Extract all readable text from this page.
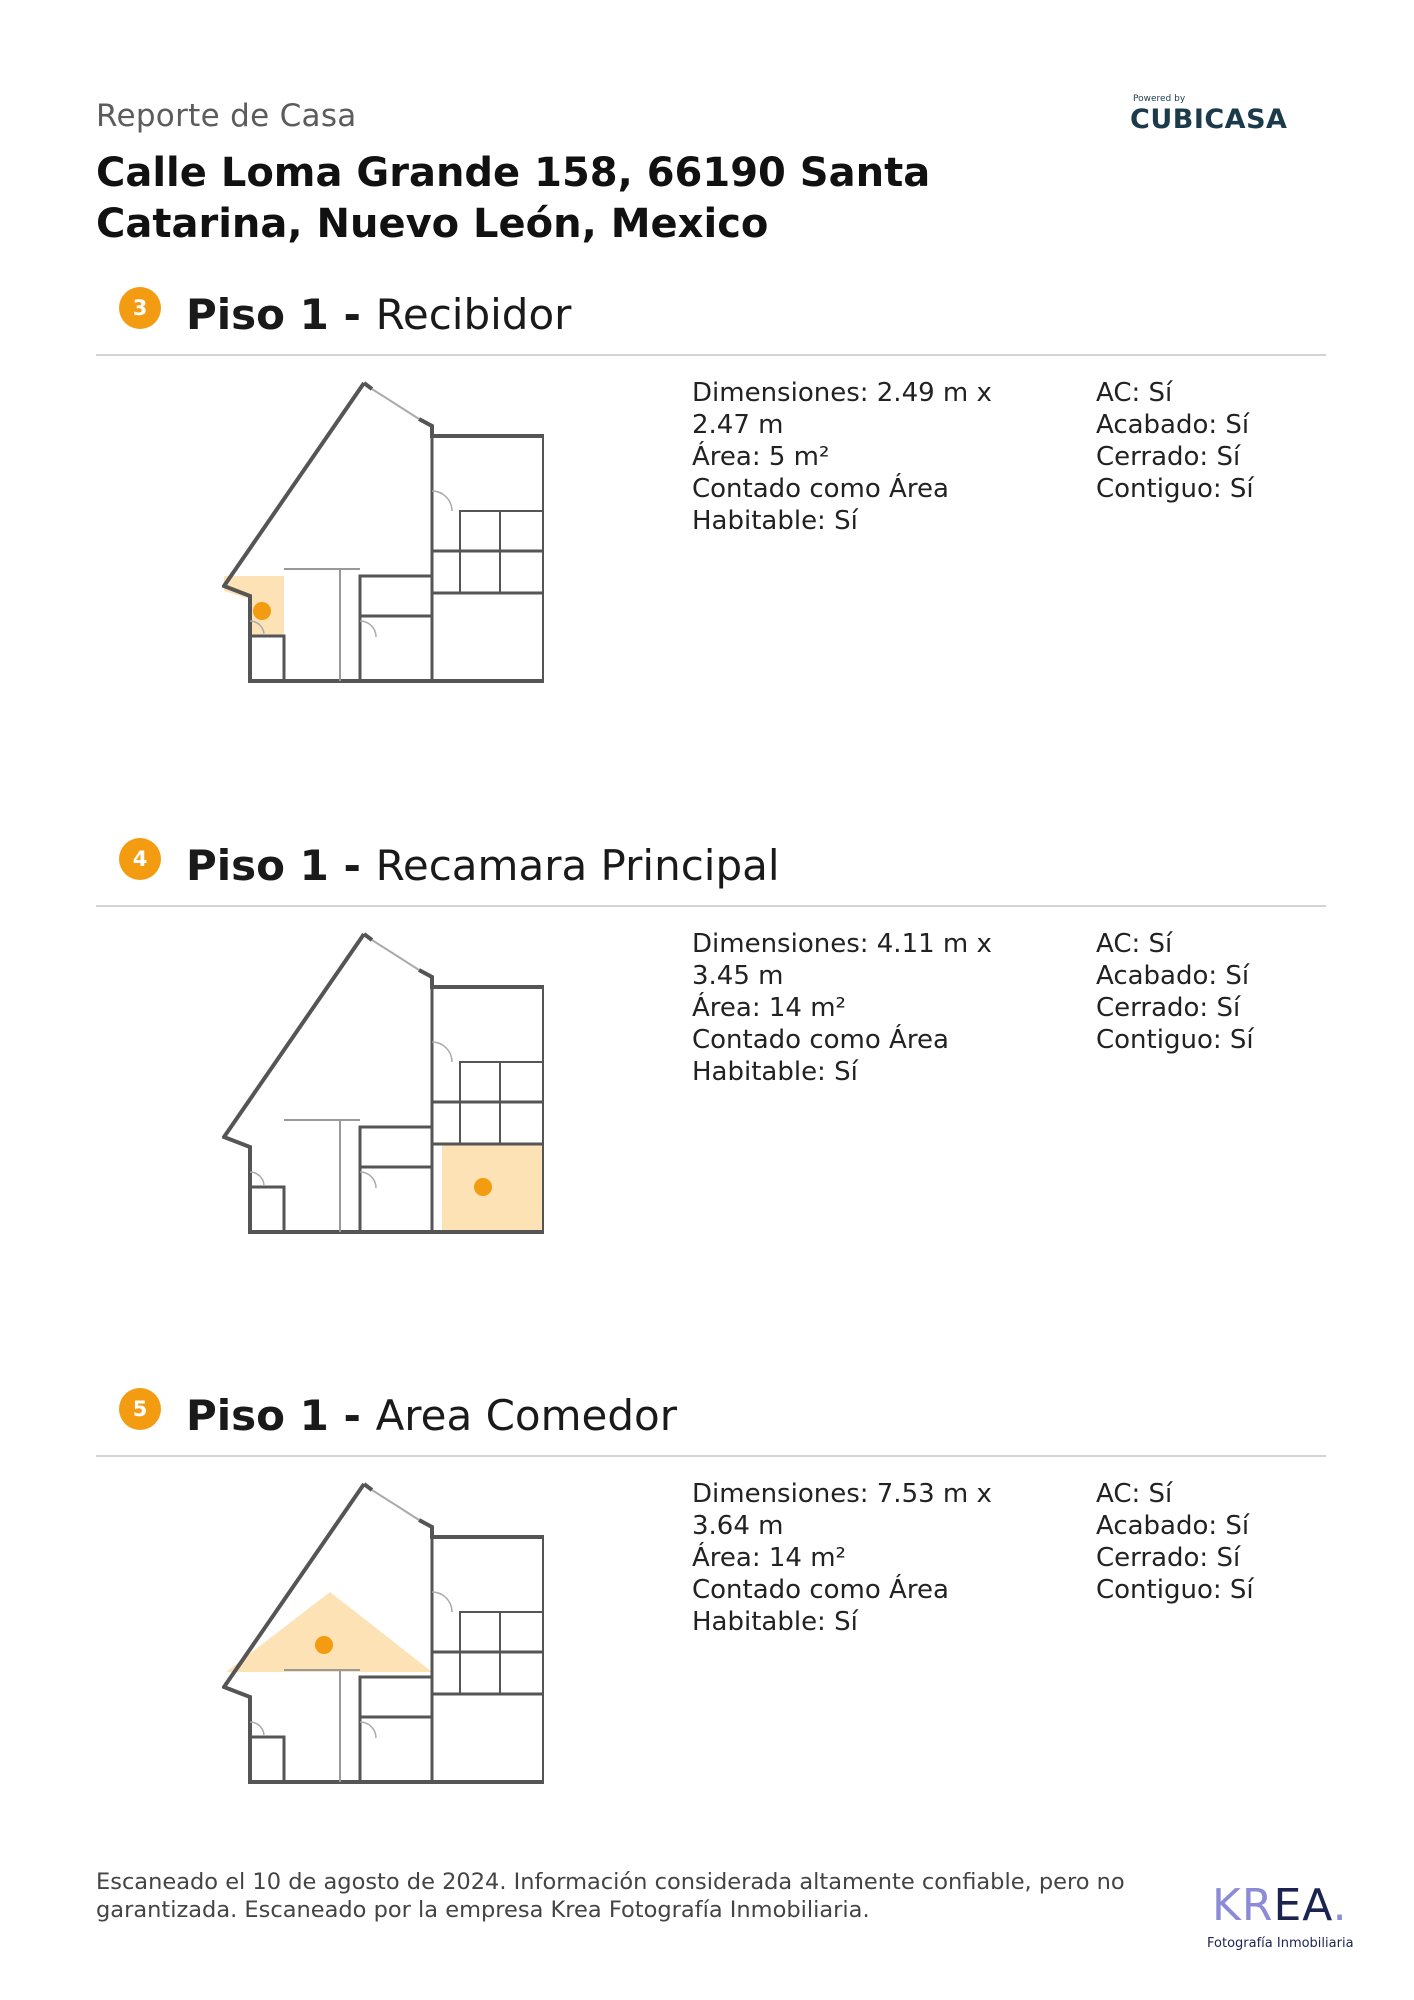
Reporte de Casa
Calle Loma Grande 158, 66190 Santa Catarina, Nuevo León, Mexico
Powered by
CUBICASA
3 Piso 1 - Recibidor
Dimensiones: 2.49 m x 2.47 m
Área: 5 m²
Contado como Área Habitable: Sí
AC: Sí
Acabado: Sí
Cerrado: Sí
Contiguo: Sí
4 Piso 1 - Recamara Principal
Dimensiones: 4.11 m x 3.45 m
Área: 14 m²
Contado como Área Habitable: Sí
AC: Sí
Acabado: Sí
Cerrado: Sí
Contiguo: Sí
5 Piso 1 - Area Comedor
Dimensiones: 7.53 m x 3.64 m
Área: 14 m²
Contado como Área Habitable: Sí
AC: Sí
Acabado: Sí
Cerrado: Sí
Contiguo: Sí
Escaneado el 10 de agosto de 2024. Información considerada altamente confiable, pero no garantizada. Escaneado por la empresa Krea Fotografía Inmobiliaria.	KREA.
Fotografía Inmobiliaria
